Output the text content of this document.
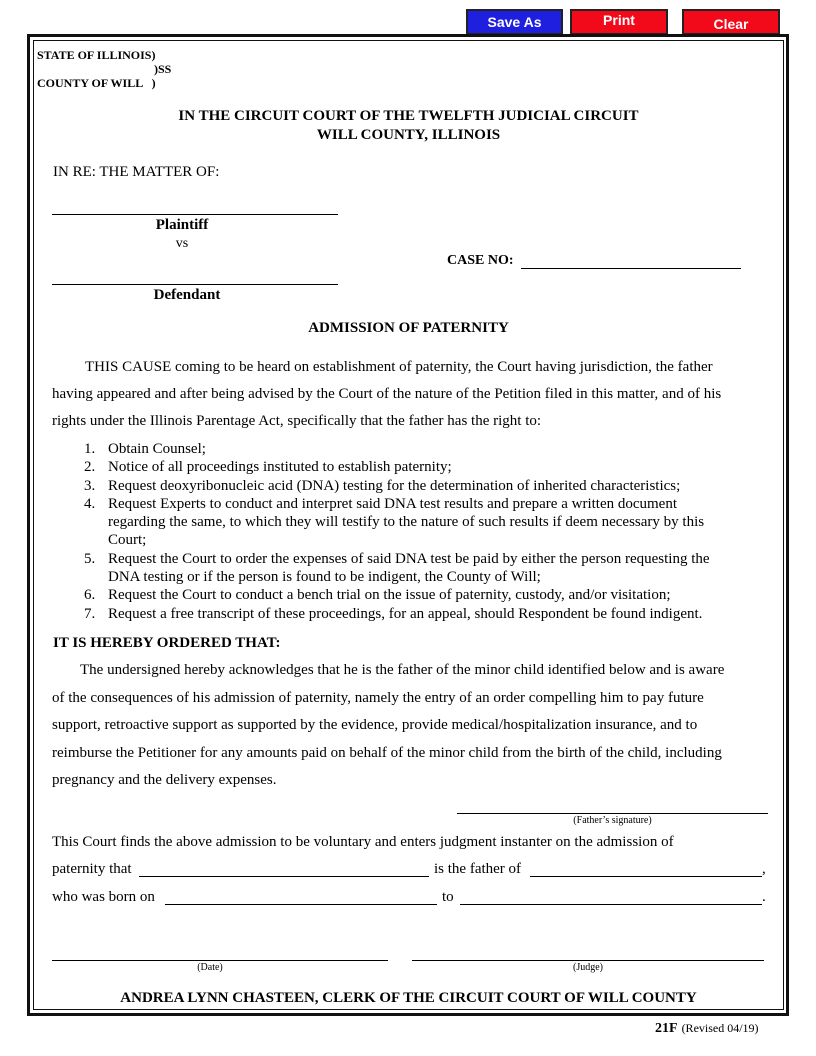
Save As	Print	Clear
STATE OF ILLINOIS)
)SS
COUNTY OF WILL   )
IN THE CIRCUIT COURT OF THE TWELFTH JUDICIAL CIRCUIT
WILL COUNTY, ILLINOIS
IN RE: THE MATTER OF:
Plaintiff
vs
Defendant
CASE NO:
ADMISSION OF PATERNITY
THIS CAUSE coming to be heard on establishment of paternity, the Court having jurisdiction, the father
having appeared and after being advised by the Court of the nature of the Petition filed in this matter, and of his
rights under the Illinois Parentage Act, specifically that the father has the right to:
1. Obtain Counsel;
2. Notice of all proceedings instituted to establish paternity;
3. Request deoxyribonucleic acid (DNA) testing for the determination of inherited characteristics;
4. Request Experts to conduct and interpret said DNA test results and prepare a written document
regarding the same, to which they will testify to the nature of such results if deem necessary by this
Court;
5. Request the Court to order the expenses of said DNA test be paid by either the person requesting the
DNA testing or if the person is found to be indigent, the County of Will;
6. Request the Court to conduct a bench trial on the issue of paternity, custody, and/or visitation;
7. Request a free transcript of these proceedings, for an appeal, should Respondent be found indigent.
IT IS HEREBY ORDERED THAT:
The undersigned hereby acknowledges that he is the father of the minor child identified below and is aware
of the consequences of his admission of paternity, namely the entry of an order compelling him to pay future
support, retroactive support as supported by the evidence, provide medical/hospitalization insurance, and to
reimburse the Petitioner for any amounts paid on behalf of the minor child from the birth of the child, including
pregnancy and the delivery expenses.
(Father’s signature)
This Court finds the above admission to be voluntary and enters judgment instanter on the admission of
paternity that	is the father of	,
who was born on	to	.
(Date)	(Judge)
ANDREA LYNN CHASTEEN, CLERK OF THE CIRCUIT COURT OF WILL COUNTY
21F (Revised 04/19)
